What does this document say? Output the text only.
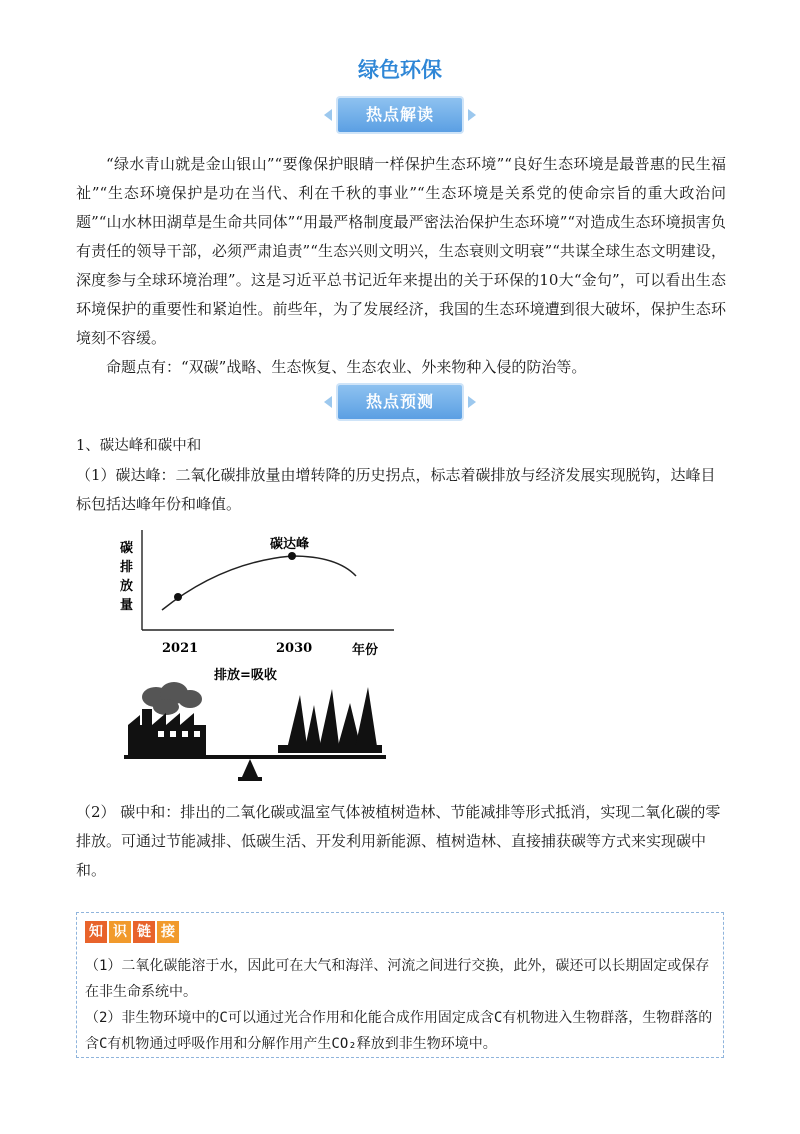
绿色环保
热点解读

“绿水青山就是金山银山”“要像保护眼睛一样保护生态环境”“良好生态环境是最普惠的民生福祉”“生态环境保护是功在当代、利在千秋的事业”“生态环境是关系党的使命宗旨的重大政治问题”“山水林田湖草是生命共同体”“用最严格制度最严密法治保护生态环境”“对造成生态环境损害负有责任的领导干部，必须严肃追责”“生态兴则文明兴，生态衰则文明衰”“共谋全球生态文明建设，深度参与全球环境治理”。这是习近平总书记近年来提出的关于环保的10大“金句”，可以看出生态环境保护的重要性和紧迫性。前些年，为了发展经济，我国的生态环境遭到很大破坏，保护生态环境刻不容缓。

命题点有：“双碳”战略、生态恢复、生态农业、外来物种入侵的防治等。

热点预测

1、碳达峰和碳中和

（1）碳达峰：二氧化碳排放量由增转降的历史拐点，标志着碳排放与经济发展实现脱钩，达峰目标包括达峰年份和峰值。

碳
排
放
量
碳达峰
2021	2030	年份
排放=吸收

（2） 碳中和：排出的二氧化碳或温室气体被植树造林、节能减排等形式抵消，实现二氧化碳的零排放。可通过节能减排、低碳生活、开发利用新能源、植树造林、直接捕获碳等方式来实现碳中和。

知 识 链 接

（1）二氧化碳能溶于水，因此可在大气和海洋、河流之间进行交换，此外，碳还可以长期固定或保存在非生命系统中。

（2）非生物环境中的C可以通过光合作用和化能合成作用固定成含C有机物进入生物群落，生物群落的含C有机物通过呼吸作用和分解作用产生CO₂释放到非生物环境中。
